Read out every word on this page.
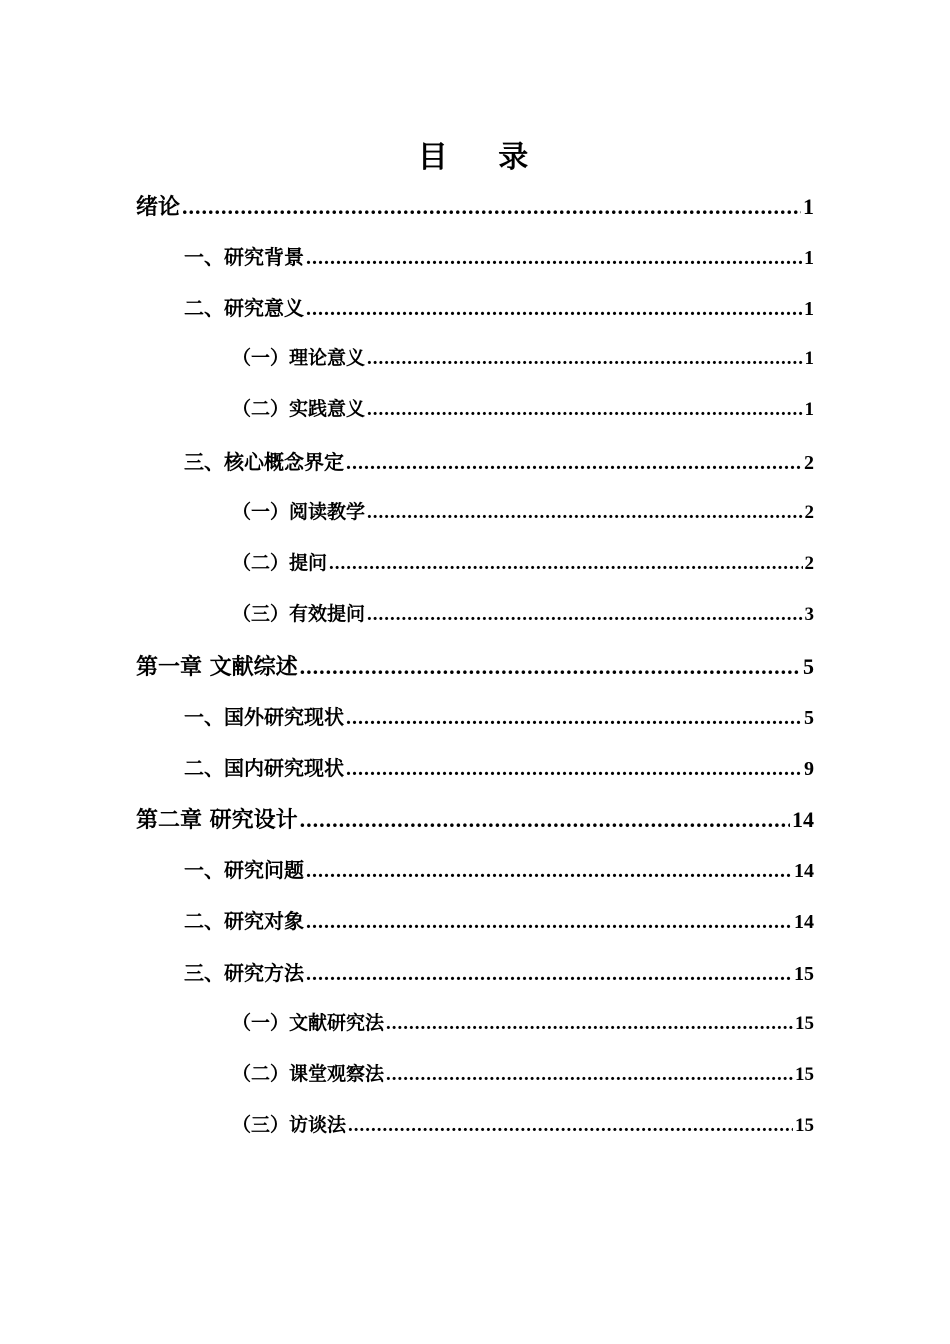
目 录
绪论 .....	1
一、研究背景 .....	1
二、研究意义 .....	1
（一）理论意义 .....	1
（二）实践意义 .....	1
三、核心概念界定 .....	2
（一）阅读教学 .....	2
（二）提问 .....	2
（三）有效提问 .....	3
第一章 文献综述 .....	5
一、国外研究现状 .....	5
二、国内研究现状 .....	9
第二章 研究设计 .....	14
一、研究问题 .....	14
二、研究对象 .....	14
三、研究方法 .....	15
（一）文献研究法 .....	15
（二）课堂观察法 .....	15
（三）访谈法 .....	15
